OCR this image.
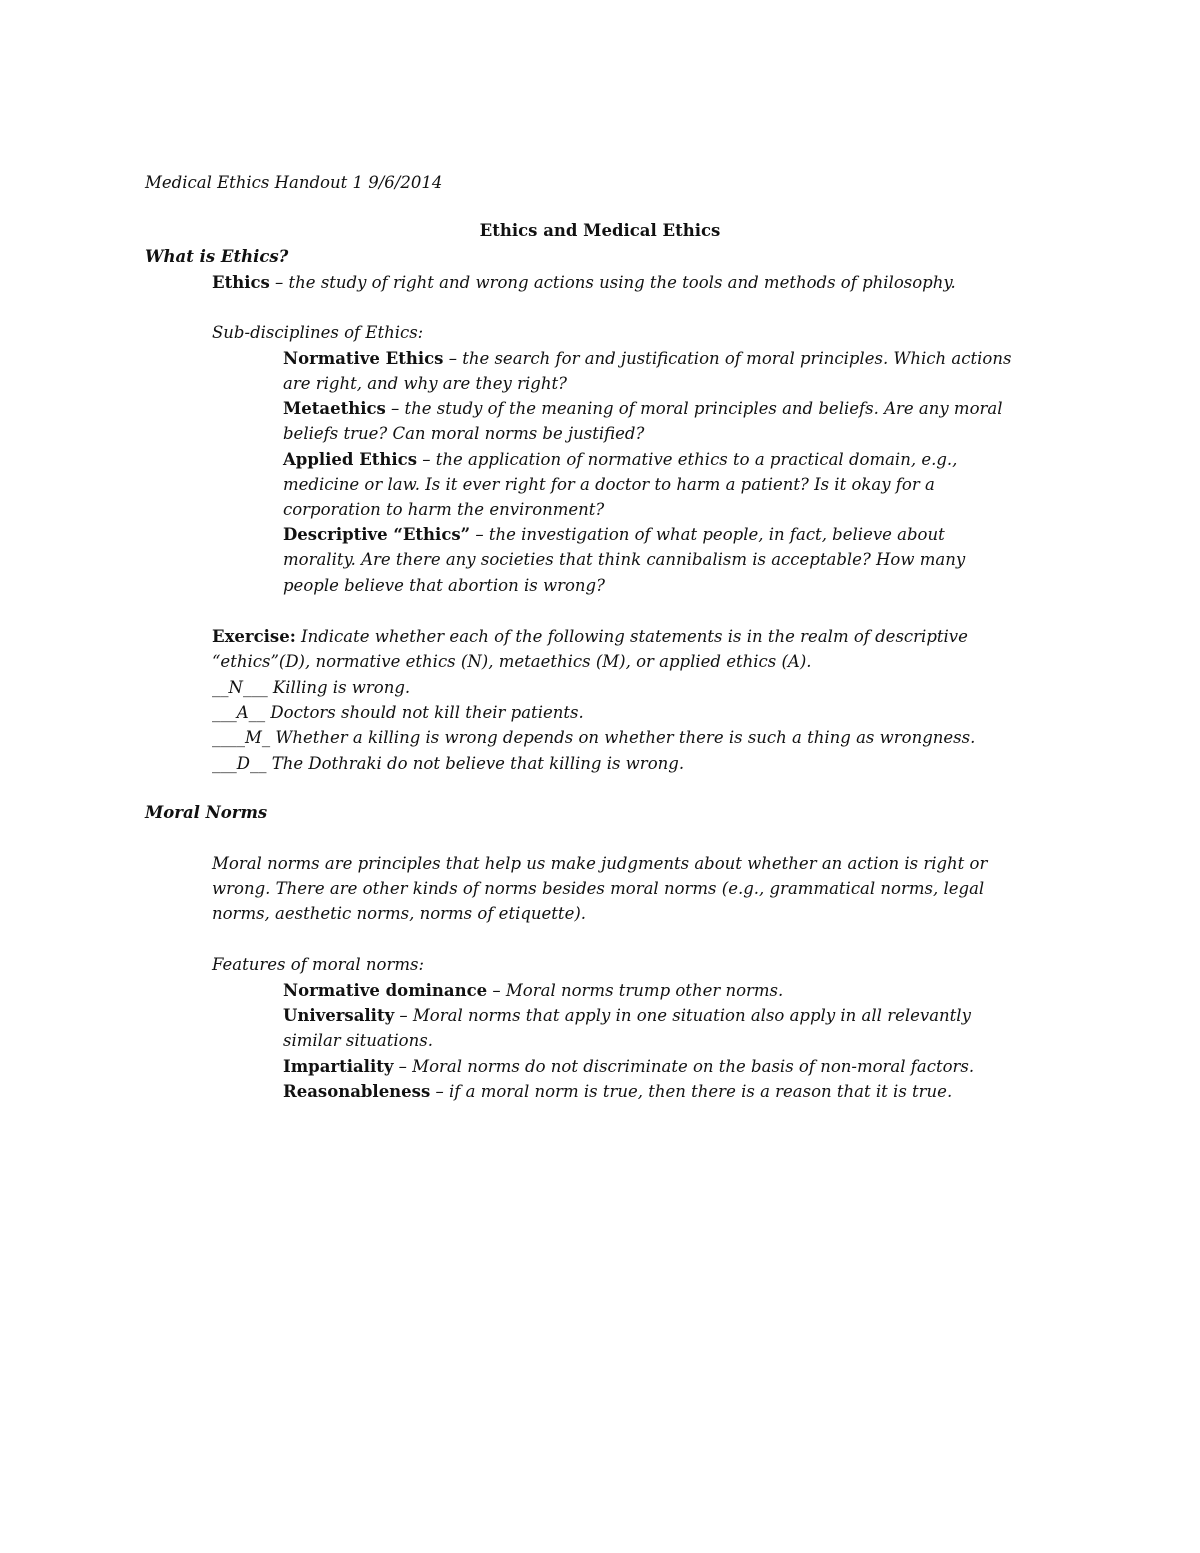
Medical Ethics Handout 1 9/6/2014
Ethics and Medical Ethics
What is Ethics?
Ethics – the study of right and wrong actions using the tools and methods of philosophy.
Sub-disciplines of Ethics:
Normative Ethics – the search for and justification of moral principles. Which actions
are right, and why are they right?
Metaethics – the study of the meaning of moral principles and beliefs. Are any moral
beliefs true? Can moral norms be justified?
Applied Ethics – the application of normative ethics to a practical domain, e.g.,
medicine or law. Is it ever right for a doctor to harm a patient? Is it okay for a
corporation to harm the environment?
Descriptive “Ethics” – the investigation of what people, in fact, believe about
morality. Are there any societies that think cannibalism is acceptable? How many
people believe that abortion is wrong?
Exercise: Indicate whether each of the following statements is in the realm of descriptive
“ethics”(D), normative ethics (N), metaethics (M), or applied ethics (A).
__N___ Killing is wrong.
___A__ Doctors should not kill their patients.
____M_ Whether a killing is wrong depends on whether there is such a thing as wrongness.
___D__ The Dothraki do not believe that killing is wrong.
Moral Norms
Moral norms are principles that help us make judgments about whether an action is right or
wrong. There are other kinds of norms besides moral norms (e.g., grammatical norms, legal
norms, aesthetic norms, norms of etiquette).
Features of moral norms:
Normative dominance – Moral norms trump other norms.
Universality – Moral norms that apply in one situation also apply in all relevantly
similar situations.
Impartiality – Moral norms do not discriminate on the basis of non-moral factors.
Reasonableness – if a moral norm is true, then there is a reason that it is true.
